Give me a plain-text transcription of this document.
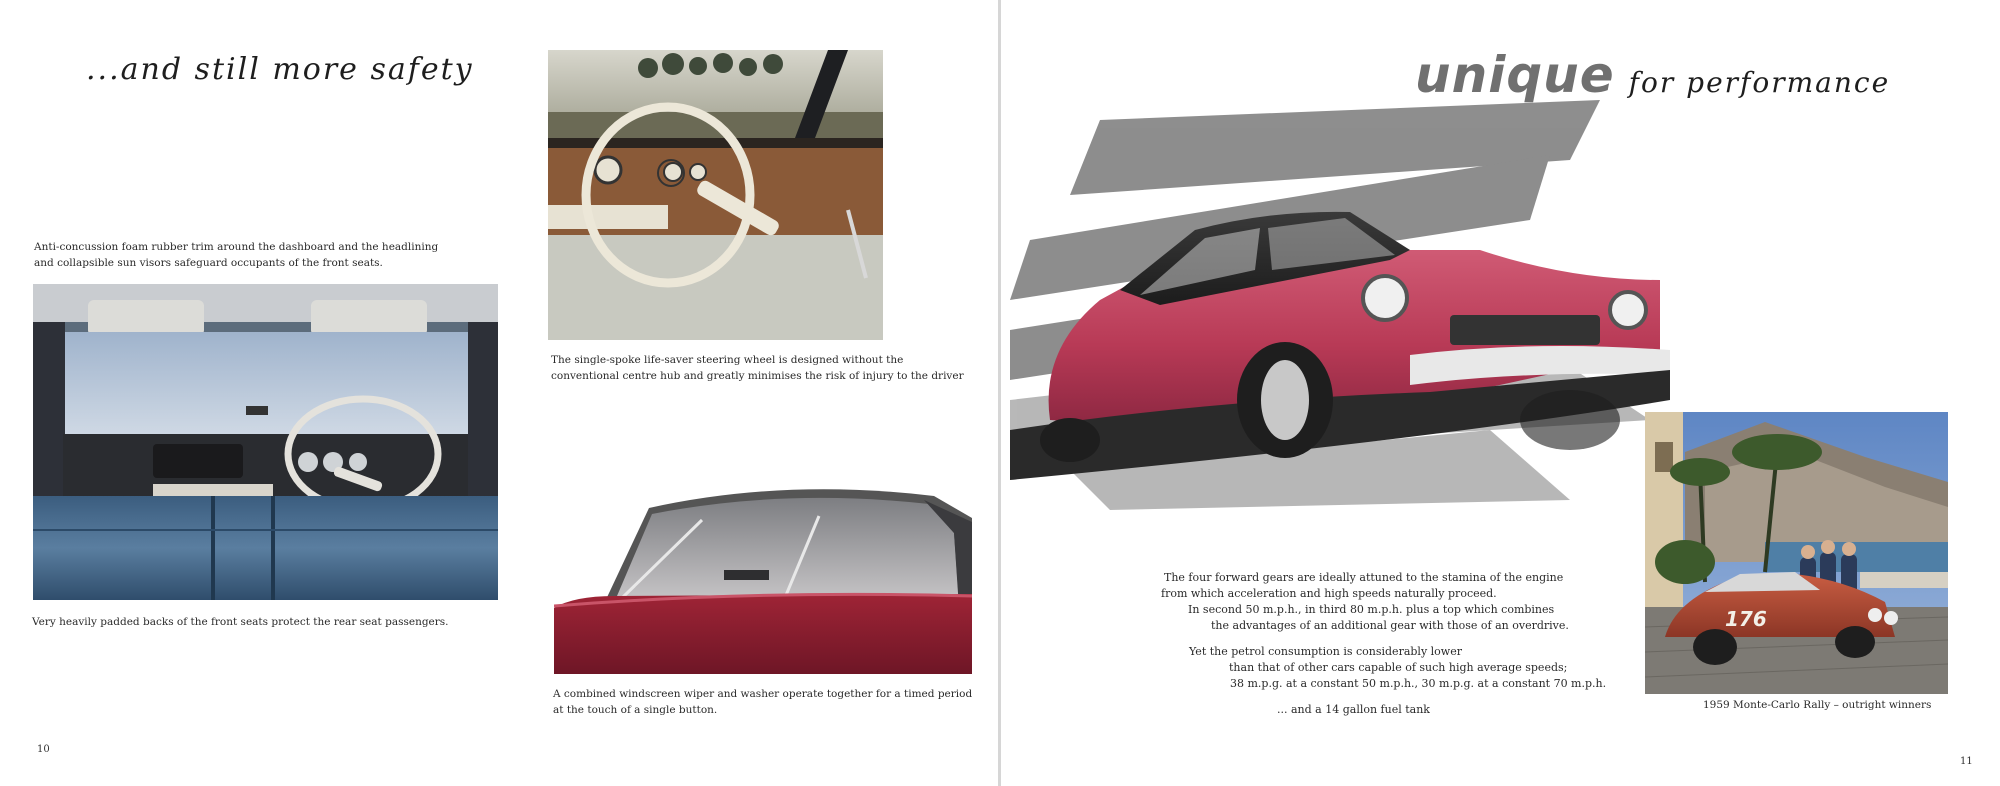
...and still more safety
Anti-concussion foam rubber trim around the dashboard and the headlining
and collapsible sun visors safeguard occupants of the front seats.
Very heavily padded backs of the front seats protect the rear seat passengers.
The single-spoke life-saver steering wheel is designed without the
conventional centre hub and greatly minimises the risk of injury to the driver
A combined windscreen wiper and washer operate together for a timed period
at the touch of a single button.
10
unique for performance
The four forward gears are ideally attuned to the stamina of the engine
from which acceleration and high speeds naturally proceed.
In second 50 m.p.h., in third 80 m.p.h. plus a top which combines
the advantages of an additional gear with those of an overdrive.
Yet the petrol consumption is considerably lower
than that of other cars capable of such high average speeds;
38 m.p.g. at a constant 50 m.p.h., 30 m.p.g. at a constant 70 m.p.h.
... and a 14 gallon fuel tank
176
1959 Monte-Carlo Rally – outright winners
11
